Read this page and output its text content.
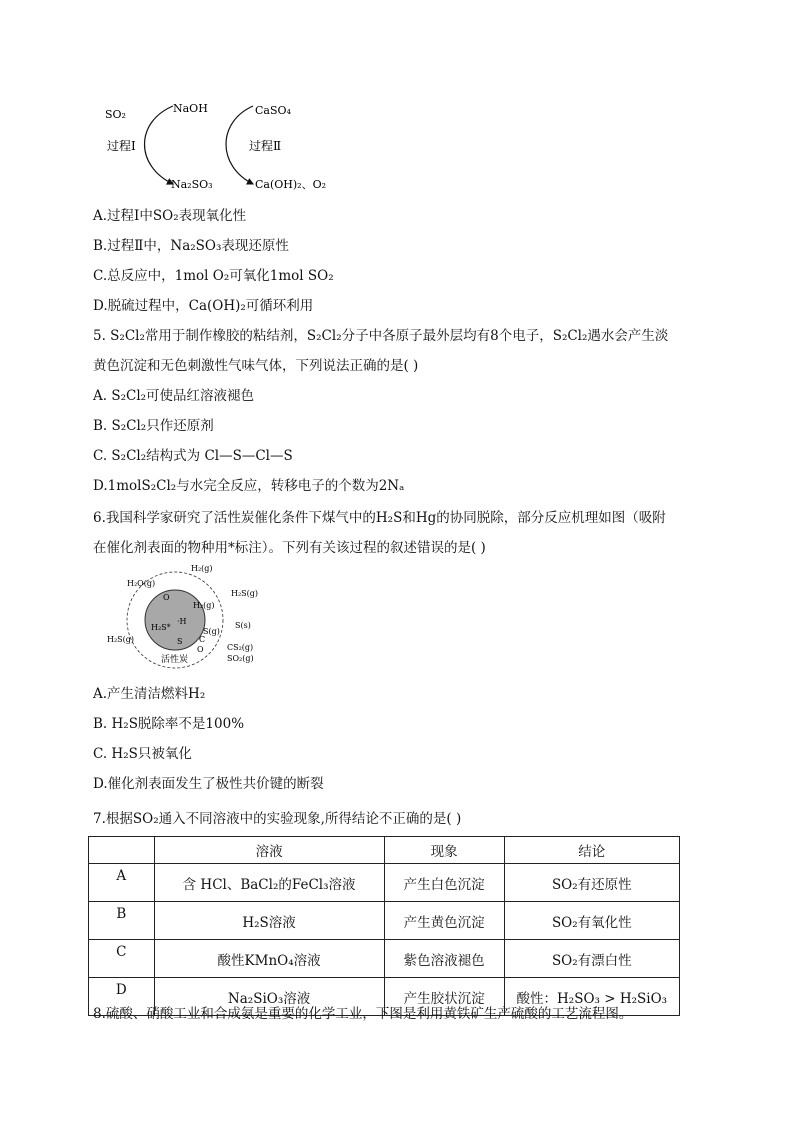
SO₂	NaOH	CaSO₄
过程Ⅰ	过程Ⅱ
Na₂SO₃	Ca(OH)₂、O₂
A.过程Ⅰ中SO₂表现氧化性
B.过程Ⅱ中，Na₂SO₃表现还原性
C.总反应中，1mol O₂可氧化1mol SO₂
D.脱硫过程中，Ca(OH)₂可循环利用
5. S₂Cl₂常用于制作橡胶的粘结剂，S₂Cl₂分子中各原子最外层均有8个电子，S₂Cl₂遇水会产生淡
黄色沉淀和无色刺激性气味气体，下列说法正确的是( )
A. S₂Cl₂可使品红溶液褪色
B. S₂Cl₂只作还原剂
C. S₂Cl₂结构式为 Cl—S—Cl—S
D.1molS₂Cl₂与水完全反应，转移电子的个数为2Nₐ
6.我国科学家研究了活性炭催化条件下煤气中的H₂S和Hg的协同脱除，部分反应机理如图（吸附
在催化剂表面的物种用*标注）。下列有关该过程的叙述错误的是( )
H₂(g)
H₂O(g)
O	H₂S(g)
H₂(g)
S(s)
H₂S(g)
H₂S*
·H
S(g)
C
S
O	CS₂(g)
SO₂(g)
活性炭
A.产生清洁燃料H₂
B. H₂S脱除率不是100%
C. H₂S只被氧化
D.催化剂表面发生了极性共价键的断裂
7.根据SO₂通入不同溶液中的实验现象,所得结论不正确的是( )
	溶液	现象	结论
A	含 HCl、BaCl₂的FeCl₃溶液	产生白色沉淀	SO₂有还原性
B	H₂S溶液	产生黄色沉淀	SO₂有氧化性
C	酸性KMnO₄溶液	紫色溶液褪色	SO₂有漂白性
D	Na₂SiO₃溶液	产生胶状沉淀	酸性：H₂SO₃ > H₂SiO₃
8.硫酸、硝酸工业和合成氨是重要的化学工业，下图是利用黄铁矿生产硫酸的工艺流程图。
